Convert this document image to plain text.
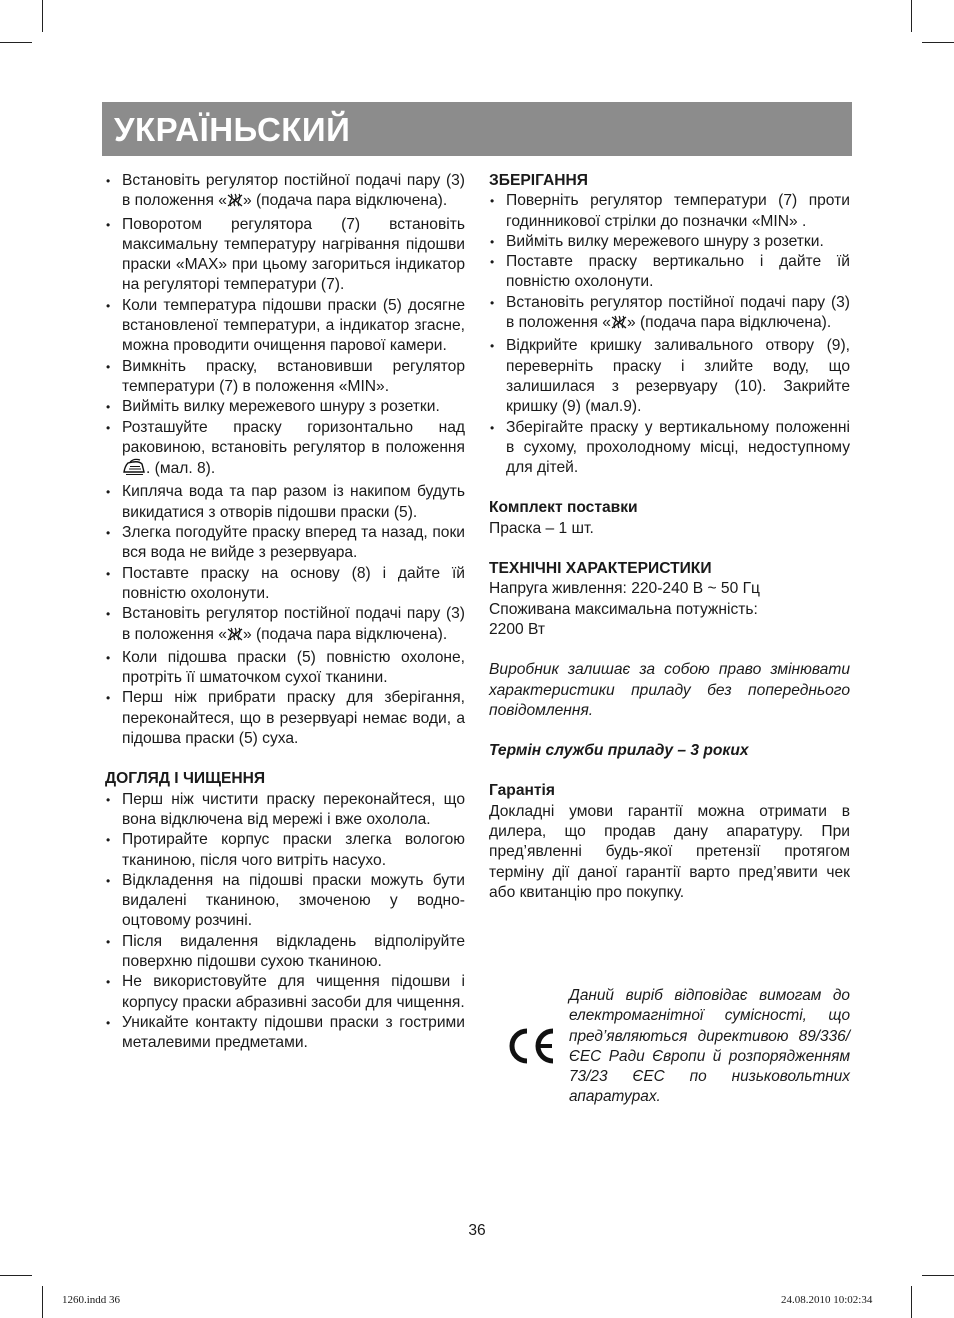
УКРАЇНЬСКИЙ
• Встановіть регулятор постійної подачі пару (3) в положення « » (подача пара відключена).
• Поворотом регулятора (7) встановіть максимальну температуру нагрівання підошви праски «MAX» при цьому загориться індикатор на регуляторі температури (7).
• Коли температура підошви праски (5) досягне встановленої температури, а індикатор згасне, можна проводити очищення парової камери.
• Вимкніть праску, встановивши регулятор температури (7) в положення «MIN».
• Вийміть вилку мережевого шнуру з розетки.
• Розташуйте праску горизонтально над раковиною, встановіть регулятор в положення . (мал. 8).
• Кипляча вода та пар разом із накипом будуть викидатися з отворів підошви праски (5).
• Злегка погодуйте праску вперед та назад, поки вся вода не вийде з резервуара.
• Поставте праску на основу (8) і дайте їй повністю охолонути.
• Встановіть регулятор постійної подачі пару (3) в положення « » (подача пара відключена).
• Коли підошва праски (5) повністю охолоне, протріть її шматочком сухої тканини.
• Перш ніж прибрати праску для зберігання, переконайтеся, що в резервуарі немає води, а підошва праски (5) суха.

ДОГЛЯД І ЧИЩЕННЯ

• Перш ніж чистити праску переконайтеся, що вона відключена від мережі і вже охолола.
• Протирайте корпус праски злегка вологою тканиною, після чого витріть насухо.
• Відкладення на підошві праски можуть бути видалені тканиною, змоченою у водно-оцтовому розчині.
• Після видалення відкладень відполіруйте поверхню підошви сухою тканиною.
• Не використовуйте для чищення підошви і корпусу праски абразивні засоби для чищення.
• Уникайте контакту підошви праски з гострими металевими предметами.

ЗБЕРІГАННЯ

• Поверніть регулятор температури (7) проти годинникової стрілки до позначки «MIN» .
• Вийміть вилку мережевого шнуру з розетки.
• Поставте праску вертикально і дайте їй повністю охолонути.
• Встановіть регулятор постійної подачі пару (3) в положення « » (подача пара відключена).
• Відкрийте кришку заливального отвору (9), переверніть праску і злийте воду, що залишилася з резервуару (10). Закрийте кришку (9) (мал.9).
• Зберігайте праску у вертикальному положенні в сухому, прохолодному місці, недоступному для дітей.

Комплект поставки

Праска – 1 шт.

ТЕХНІЧНІ ХАРАКТЕРИСТИКИ

Напруга живлення: 220-240 В ~ 50 Гц

Споживана максимальна потужність:

2200 Вт

Виробник залишає за собою право змінювати характеристики приладу без попереднього повідомлення.

Термін служби приладу – 3 роких

Гарантія

Докладні умови гарантії можна отримати в дилера, що продав дану апаратуру. При пред’явленні будь-якої претензії протягом терміну дії даної гарантії варто пред’явити чек або квитанцію про покупку.

Даний виріб відповідає вимогам до електромагнітної сумісності, що пред’являються директивою 89/336/ЄЕС Ради Європи й розпорядженням 73/23 ЄЕС по низьковольтних апаратурах.
36
1260.indd 36	24.08.2010 10:02:34
